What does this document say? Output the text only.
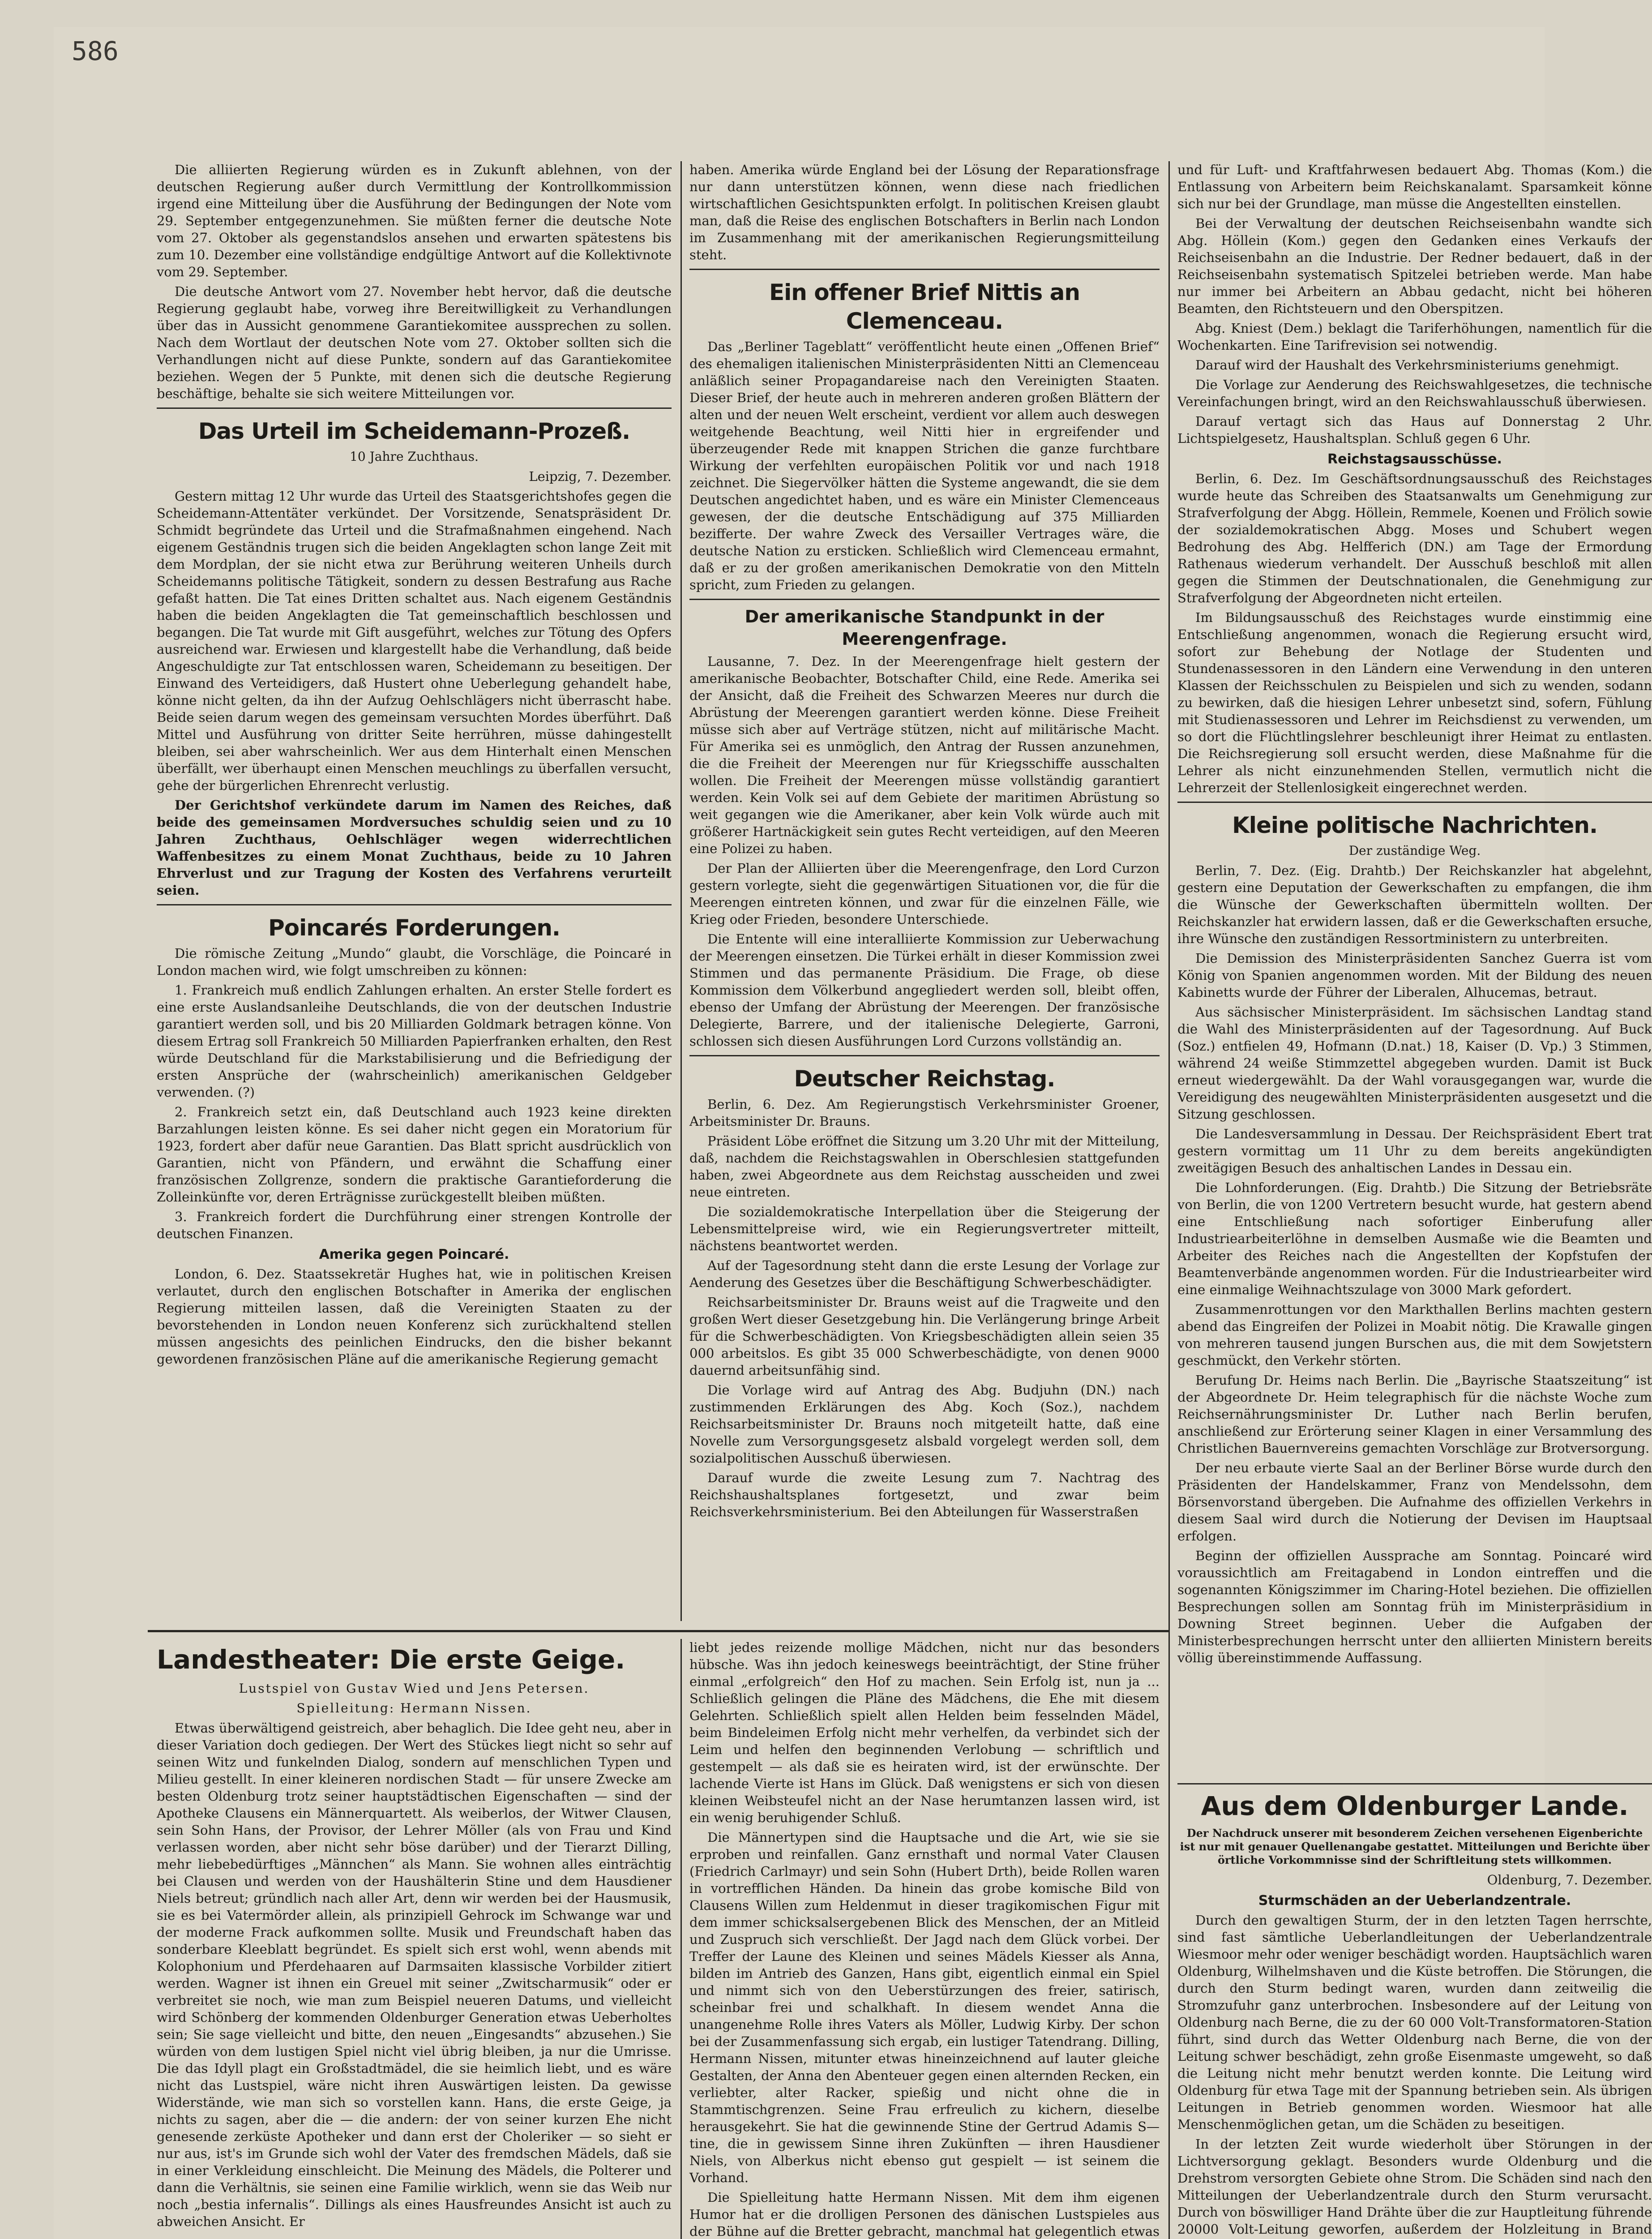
586

Die alliierten Regierung würden es in Zukunft ablehnen, von der deutschen Regierung außer durch Vermittlung der Kontrollkommission irgend eine Mitteilung über die Ausführung der Bedingungen der Note vom 29. September entgegenzunehmen. Sie müßten ferner die deutsche Note vom 27. Oktober als gegenstandslos ansehen und erwarten spätestens bis zum 10. Dezember eine vollständige endgültige Antwort auf die Kollektivnote vom 29. September.

Die deutsche Antwort vom 27. November hebt hervor, daß die deutsche Regierung geglaubt habe, vorweg ihre Bereitwilligkeit zu Verhandlungen über das in Aussicht genommene Garantiekomitee aussprechen zu sollen. Nach dem Wortlaut der deutschen Note vom 27. Oktober sollten sich die Verhandlungen nicht auf diese Punkte, sondern auf das Garantiekomitee beziehen. Wegen der 5 Punkte, mit denen sich die deutsche Regierung beschäftige, behalte sie sich weitere Mitteilungen vor.

Das Urteil im Scheidemann-Prozeß.
10 Jahre Zuchthaus.

Leipzig, 7. Dezember.

Gestern mittag 12 Uhr wurde das Urteil des Staatsgerichtshofes gegen die Scheidemann-Attentäter verkündet. Der Vorsitzende, Senatspräsident Dr. Schmidt begründete das Urteil und die Strafmaßnahmen eingehend. Nach eigenem Geständnis trugen sich die beiden Angeklagten schon lange Zeit mit dem Mordplan, der sie nicht etwa zur Berührung weiteren Unheils durch Scheidemanns politische Tätigkeit, sondern zu dessen Bestrafung aus Rache gefaßt hatten. Die Tat eines Dritten schaltet aus. Nach eigenem Geständnis haben die beiden Angeklagten die Tat gemeinschaftlich beschlossen und begangen. Die Tat wurde mit Gift ausgeführt, welches zur Tötung des Opfers ausreichend war. Erwiesen und klargestellt habe die Verhandlung, daß beide Angeschuldigte zur Tat entschlossen waren, Scheidemann zu beseitigen. Der Einwand des Verteidigers, daß Hustert ohne Ueberlegung gehandelt habe, könne nicht gelten, da ihn der Aufzug Oehlschlägers nicht überrascht habe. Beide seien darum wegen des gemeinsam versuchten Mordes überführt. Daß Mittel und Ausführung von dritter Seite herrühren, müsse dahingestellt bleiben, sei aber wahrscheinlich. Wer aus dem Hinterhalt einen Menschen überfällt, wer überhaupt einen Menschen meuchlings zu überfallen versucht, gehe der bürgerlichen Ehrenrecht verlustig.

Der Gerichtshof verkündete darum im Namen des Reiches, daß beide des gemeinsamen Mordversuches schuldig seien und zu 10 Jahren Zuchthaus, Oehlschläger wegen widerrechtlichen Waffenbesitzes zu einem Monat Zuchthaus, beide zu 10 Jahren Ehrverlust und zur Tragung der Kosten des Verfahrens verurteilt seien.

Poincarés Forderungen.

Die römische Zeitung „Mundo“ glaubt, die Vorschläge, die Poincaré in London machen wird, wie folgt umschreiben zu können:

1. Frankreich muß endlich Zahlungen erhalten. An erster Stelle fordert es eine erste Auslandsanleihe Deutschlands, die von der deutschen Industrie garantiert werden soll, und bis 20 Milliarden Goldmark betragen könne. Von diesem Ertrag soll Frankreich 50 Milliarden Papierfranken erhalten, den Rest würde Deutschland für die Markstabilisierung und die Befriedigung der ersten Ansprüche der (wahrscheinlich) amerikanischen Geldgeber verwenden. (?)

2. Frankreich setzt ein, daß Deutschland auch 1923 keine direkten Barzahlungen leisten könne. Es sei daher nicht gegen ein Moratorium für 1923, fordert aber dafür neue Garantien. Das Blatt spricht ausdrücklich von Garantien, nicht von Pfändern, und erwähnt die Schaffung einer französischen Zollgrenze, sondern die praktische Garantieforderung die Zolleinkünfte vor, deren Erträgnisse zurückgestellt bleiben müßten.

3. Frankreich fordert die Durchführung einer strengen Kontrolle der deutschen Finanzen.

Amerika gegen Poincaré.

London, 6. Dez. Staatssekretär Hughes hat, wie in politischen Kreisen verlautet, durch den englischen Botschafter in Amerika der englischen Regierung mitteilen lassen, daß die Vereinigten Staaten zu der bevorstehenden in London neuen Konferenz sich zurückhaltend stellen müssen angesichts des peinlichen Eindrucks, den die bisher bekannt gewordenen französischen Pläne auf die amerikanische Regierung gemacht

haben. Amerika würde England bei der Lösung der Reparationsfrage nur dann unterstützen können, wenn diese nach friedlichen wirtschaftlichen Gesichtspunkten erfolgt. In politischen Kreisen glaubt man, daß die Reise des englischen Botschafters in Berlin nach London im Zusammenhang mit der amerikanischen Regierungsmitteilung steht.

Ein offener Brief Nittis an Clemenceau.

Das „Berliner Tageblatt“ veröffentlicht heute einen „Offenen Brief“ des ehemaligen italienischen Ministerpräsidenten Nitti an Clemenceau anläßlich seiner Propagandareise nach den Vereinigten Staaten. Dieser Brief, der heute auch in mehreren anderen großen Blättern der alten und der neuen Welt erscheint, verdient vor allem auch deswegen weitgehende Beachtung, weil Nitti hier in ergreifender und überzeugender Rede mit knappen Strichen die ganze furchtbare Wirkung der verfehlten europäischen Politik vor und nach 1918 zeichnet. Die Siegervölker hätten die Systeme angewandt, die sie dem Deutschen angedichtet haben, und es wäre ein Minister Clemenceaus gewesen, der die deutsche Entschädigung auf 375 Milliarden bezifferte. Der wahre Zweck des Versailler Vertrages wäre, die deutsche Nation zu ersticken. Schließlich wird Clemenceau ermahnt, daß er zu der großen amerikanischen Demokratie von den Mitteln spricht, zum Frieden zu gelangen.

Der amerikanische Standpunkt in der Meerengenfrage.

Lausanne, 7. Dez. In der Meerengenfrage hielt gestern der amerikanische Beobachter, Botschafter Child, eine Rede. Amerika sei der Ansicht, daß die Freiheit des Schwarzen Meeres nur durch die Abrüstung der Meerengen garantiert werden könne. Diese Freiheit müsse sich aber auf Verträge stützen, nicht auf militärische Macht. Für Amerika sei es unmöglich, den Antrag der Russen anzunehmen, die die Freiheit der Meerengen nur für Kriegsschiffe ausschalten wollen. Die Freiheit der Meerengen müsse vollständig garantiert werden. Kein Volk sei auf dem Gebiete der maritimen Abrüstung so weit gegangen wie die Amerikaner, aber kein Volk würde auch mit größerer Hartnäckigkeit sein gutes Recht verteidigen, auf den Meeren eine Polizei zu haben.

Der Plan der Alliierten über die Meerengenfrage, den Lord Curzon gestern vorlegte, sieht die gegenwärtigen Situationen vor, die für die Meerengen eintreten können, und zwar für die einzelnen Fälle, wie Krieg oder Frieden, besondere Unterschiede.

Die Entente will eine interalliierte Kommission zur Ueberwachung der Meerengen einsetzen. Die Türkei erhält in dieser Kommission zwei Stimmen und das permanente Präsidium. Die Frage, ob diese Kommission dem Völkerbund angegliedert werden soll, bleibt offen, ebenso der Umfang der Abrüstung der Meerengen. Der französische Delegierte, Barrere, und der italienische Delegierte, Garroni, schlossen sich diesen Ausführungen Lord Curzons vollständig an.

Deutscher Reichstag.

Berlin, 6. Dez. Am Regierungstisch Verkehrsminister Groener, Arbeitsminister Dr. Brauns.

Präsident Löbe eröffnet die Sitzung um 3.20 Uhr mit der Mitteilung, daß, nachdem die Reichstagswahlen in Oberschlesien stattgefunden haben, zwei Abgeordnete aus dem Reichstag ausscheiden und zwei neue eintreten.

Die sozialdemokratische Interpellation über die Steigerung der Lebensmittelpreise wird, wie ein Regierungsvertreter mitteilt, nächstens beantwortet werden.

Auf der Tagesordnung steht dann die erste Lesung der Vorlage zur Aenderung des Gesetzes über die Beschäftigung Schwerbeschädigter.

Reichsarbeitsminister Dr. Brauns weist auf die Tragweite und den großen Wert dieser Gesetzgebung hin. Die Verlängerung bringe Arbeit für die Schwerbeschädigten. Von Kriegsbeschädigten allein seien 35 000 arbeitslos. Es gibt 35 000 Schwerbeschädigte, von denen 9000 dauernd arbeitsunfähig sind.

Die Vorlage wird auf Antrag des Abg. Budjuhn (DN.) nach zustimmenden Erklärungen des Abg. Koch (Soz.), nachdem Reichsarbeitsminister Dr. Brauns noch mitgeteilt hatte, daß eine Novelle zum Versorgungsgesetz alsbald vorgelegt werden soll, dem sozialpolitischen Ausschuß überwiesen.

Darauf wurde die zweite Lesung zum 7. Nachtrag des Reichshaushaltsplanes fortgesetzt, und zwar beim Reichsverkehrsministerium. Bei den Abteilungen für Wasserstraßen

und für Luft- und Kraftfahrwesen bedauert Abg. Thomas (Kom.) die Entlassung von Arbeitern beim Reichskanalamt. Sparsamkeit könne sich nur bei der Grundlage, man müsse die Angestellten einstellen.

Bei der Verwaltung der deutschen Reichseisenbahn wandte sich Abg. Höllein (Kom.) gegen den Gedanken eines Verkaufs der Reichseisenbahn an die Industrie. Der Redner bedauert, daß in der Reichseisenbahn systematisch Spitzelei betrieben werde. Man habe nur immer bei Arbeitern an Abbau gedacht, nicht bei höheren Beamten, den Richtsteuern und den Oberspitzen.

Abg. Kniest (Dem.) beklagt die Tariferhöhungen, namentlich für die Wochenkarten. Eine Tarifrevision sei notwendig.

Darauf wird der Haushalt des Verkehrsministeriums genehmigt.

Die Vorlage zur Aenderung des Reichswahlgesetzes, die technische Vereinfachungen bringt, wird an den Reichswahlausschuß überwiesen.

Darauf vertagt sich das Haus auf Donnerstag 2 Uhr. Lichtspielgesetz, Haushaltsplan. Schluß gegen 6 Uhr.

Reichstagsausschüsse.

Berlin, 6. Dez. Im Geschäftsordnungsausschuß des Reichstages wurde heute das Schreiben des Staatsanwalts um Genehmigung zur Strafverfolgung der Abgg. Höllein, Remmele, Koenen und Frölich sowie der sozialdemokratischen Abgg. Moses und Schubert wegen Bedrohung des Abg. Helfferich (DN.) am Tage der Ermordung Rathenaus wiederum verhandelt. Der Ausschuß beschloß mit allen gegen die Stimmen der Deutschnationalen, die Genehmigung zur Strafverfolgung der Abgeordneten nicht erteilen.

Im Bildungsausschuß des Reichstages wurde einstimmig eine Entschließung angenommen, wonach die Regierung ersucht wird, sofort zur Behebung der Notlage der Studenten und Stundenassessoren in den Ländern eine Verwendung in den unteren Klassen der Reichsschulen zu Beispielen und sich zu wenden, sodann zu bewirken, daß die hiesigen Lehrer unbesetzt sind, sofern, Fühlung mit Studienassessoren und Lehrer im Reichsdienst zu verwenden, um so dort die Flüchtlingslehrer beschleunigt ihrer Heimat zu entlasten. Die Reichsregierung soll ersucht werden, diese Maßnahme für die Lehrer als nicht einzunehmenden Stellen, vermutlich nicht die Lehrerzeit der Stellenlosigkeit eingerechnet werden.

Kleine politische Nachrichten.
Der zuständige Weg.

Berlin, 7. Dez. (Eig. Drahtb.) Der Reichskanzler hat abgelehnt, gestern eine Deputation der Gewerkschaften zu empfangen, die ihm die Wünsche der Gewerkschaften übermitteln wollten. Der Reichskanzler hat erwidern lassen, daß er die Gewerkschaften ersuche, ihre Wünsche den zuständigen Ressortministern zu unterbreiten.

Die Demission des Ministerpräsidenten Sanchez Guerra ist vom König von Spanien angenommen worden. Mit der Bildung des neuen Kabinetts wurde der Führer der Liberalen, Alhucemas, betraut.

Aus sächsischer Ministerpräsident. Im sächsischen Landtag stand die Wahl des Ministerpräsidenten auf der Tagesordnung. Auf Buck (Soz.) entfielen 49, Hofmann (D.nat.) 18, Kaiser (D. Vp.) 3 Stimmen, während 24 weiße Stimmzettel abgegeben wurden. Damit ist Buck erneut wiedergewählt. Da der Wahl vorausgegangen war, wurde die Vereidigung des neugewählten Ministerpräsidenten ausgesetzt und die Sitzung geschlossen.

Die Landesversammlung in Dessau. Der Reichspräsident Ebert trat gestern vormittag um 11 Uhr zu dem bereits angekündigten zweitägigen Besuch des anhaltischen Landes in Dessau ein.

Die Lohnforderungen. (Eig. Drahtb.) Die Sitzung der Betriebsräte von Berlin, die von 1200 Vertretern besucht wurde, hat gestern abend eine Entschließung nach sofortiger Einberufung aller Industriearbeiterlöhne in demselben Ausmaße wie die Beamten und Arbeiter des Reiches nach die Angestellten der Kopfstufen der Beamtenverbände angenommen worden. Für die Industriearbeiter wird eine einmalige Weihnachtszulage von 3000 Mark gefordert.

Zusammenrottungen vor den Markthallen Berlins machten gestern abend das Eingreifen der Polizei in Moabit nötig. Die Krawalle gingen von mehreren tausend jungen Burschen aus, die mit dem Sowjetstern geschmückt, den Verkehr störten.

Berufung Dr. Heims nach Berlin. Die „Bayrische Staatszeitung“ ist der Abgeordnete Dr. Heim telegraphisch für die nächste Woche zum Reichsernährungsminister Dr. Luther nach Berlin berufen, anschließend zur Erörterung seiner Klagen in einer Versammlung des Christlichen Bauernvereins gemachten Vorschläge zur Brotversorgung.

Der neu erbaute vierte Saal an der Berliner Börse wurde durch den Präsidenten der Handelskammer, Franz von Mendelssohn, dem Börsenvorstand übergeben. Die Aufnahme des offiziellen Verkehrs in diesem Saal wird durch die Notierung der Devisen im Hauptsaal erfolgen.

Beginn der offiziellen Aussprache am Sonntag. Poincaré wird voraussichtlich am Freitagabend in London eintreffen und die sogenannten Königszimmer im Charing-Hotel beziehen. Die offiziellen Besprechungen sollen am Sonntag früh im Ministerpräsidium in Downing Street beginnen. Ueber die Aufgaben der Ministerbesprechungen herrscht unter den alliierten Ministern bereits völlig übereinstimmende Auffassung.

Landestheater: Die erste Geige.
Lustspiel von Gustav Wied und Jens Petersen.
Spielleitung: Hermann Nissen.

Etwas überwältigend geistreich, aber behaglich. Die Idee geht neu, aber in dieser Variation doch gediegen. Der Wert des Stückes liegt nicht so sehr auf seinen Witz und funkelnden Dialog, sondern auf menschlichen Typen und Milieu gestellt. In einer kleineren nordischen Stadt — für unsere Zwecke am besten Oldenburg trotz seiner hauptstädtischen Eigenschaften — sind der Apotheke Clausens ein Männerquartett. Als weiberlos, der Witwer Clausen, sein Sohn Hans, der Provisor, der Lehrer Möller (als von Frau und Kind verlassen worden, aber nicht sehr böse darüber) und der Tierarzt Dilling, mehr liebebedürftiges „Männchen“ als Mann. Sie wohnen alles einträchtig bei Clausen und werden von der Haushälterin Stine und dem Hausdiener Niels betreut; gründlich nach aller Art, denn wir werden bei der Hausmusik, sie es bei Vatermörder allein, als prinzipiell Gehrock im Schwange war und der moderne Frack aufkommen sollte. Musik und Freundschaft haben das sonderbare Kleeblatt begründet. Es spielt sich erst wohl, wenn abends mit Kolophonium und Pferdehaaren auf Darmsaiten klassische Vorbilder zitiert werden. Wagner ist ihnen ein Greuel mit seiner „Zwitscharmusik“ oder er verbreitet sie noch, wie man zum Beispiel neueren Datums, und vielleicht wird Schönberg der kommenden Oldenburger Generation etwas Ueberholtes sein; Sie sage vielleicht und bitte, den neuen „Eingesandts“ abzusehen.) Sie würden von dem lustigen Spiel nicht viel übrig bleiben, ja nur die Umrisse. Die das Idyll plagt ein Großstadtmädel, die sie heimlich liebt, und es wäre nicht das Lustspiel, wäre nicht ihren Auswärtigen leisten. Da gewisse Widerstände, wie man sich so vorstellen kann. Hans, die erste Geige, ja nichts zu sagen, aber die — die andern: der von seiner kurzen Ehe nicht genesende zerküste Apotheker und dann erst der Choleriker — so sieht er nur aus, ist's im Grunde sich wohl der Vater des fremdschen Mädels, daß sie in einer Verkleidung einschleicht. Die Meinung des Mädels, die Polterer und dann die Verhältnis, sie seinen eine Familie wirklich, wenn sie das Weib nur noch „bestia infernalis“. Dillings als eines Hausfreundes Ansicht ist auch zu abweichen Ansicht. Er

liebt jedes reizende mollige Mädchen, nicht nur das besonders hübsche. Was ihn jedoch keineswegs beeinträchtigt, der Stine früher einmal „erfolgreich“ den Hof zu machen. Sein Erfolg ist, nun ja ... Schließlich gelingen die Pläne des Mädchens, die Ehe mit diesem Gelehrten. Schließlich spielt allen Helden beim fesselnden Mädel, beim Bindeleimen Erfolg nicht mehr verhelfen, da verbindet sich der Leim und helfen den beginnenden Verlobung — schriftlich und gestempelt — als daß sie es heiraten wird, ist der erwünschte. Der lachende Vierte ist Hans im Glück. Daß wenigstens er sich von diesen kleinen Weibsteufel nicht an der Nase herumtanzen lassen wird, ist ein wenig beruhigender Schluß.

Die Männertypen sind die Hauptsache und die Art, wie sie sie erproben und reinfallen. Ganz ernsthaft und normal Vater Clausen (Friedrich Carlmayr) und sein Sohn (Hubert Drth), beide Rollen waren in vortrefflichen Händen. Da hinein das grobe komische Bild von Clausens Willen zum Heldenmut in dieser tragikomischen Figur mit dem immer schicksalsergebenen Blick des Menschen, der an Mitleid und Zuspruch sich verschließt. Der Jagd nach dem Glück vorbei. Der Treffer der Laune des Kleinen und seines Mädels Kiesser als Anna, bilden im Antrieb des Ganzen, Hans gibt, eigentlich einmal ein Spiel und nimmt sich von den Ueberstürzungen des freier, satirisch, scheinbar frei und schalkhaft. In diesem wendet Anna die unangenehme Rolle ihres Vaters als Möller, Ludwig Kirby. Der schon bei der Zusammenfassung sich ergab, ein lustiger Tatendrang. Dilling, Hermann Nissen, mitunter etwas hineinzeichnend auf lauter gleiche Gestalten, der Anna den Abenteuer gegen einen alternden Recken, ein verliebter, alter Racker, spießig und nicht ohne die in Stammtischgrenzen. Seine Frau erfreulich zu kichern, dieselbe herausgekehrt. Sie hat die gewinnende Stine der Gertrud Adamis S—tine, die in gewissem Sinne ihren Zukünften — ihren Hausdiener Niels, von Alberkus nicht ebenso gut gespielt — ist seinem die Vorhand.

Die Spielleitung hatte Hermann Nissen. Mit dem ihm eigenen Humor hat er die drolligen Personen des dänischen Lustspieles aus der Bühne auf die Bretter gebracht, manchmal hat gelegentlich etwas

Aus dem Oldenburger Lande.
Der Nachdruck unserer mit besonderem Zeichen versehenen Eigenberichte ist nur mit genauer Quellenangabe gestattet. Mitteilungen und Berichte über örtliche Vorkommnisse sind der Schriftleitung stets willkommen.

Oldenburg, 7. Dezember.

Sturmschäden an der Ueberlandzentrale.

Durch den gewaltigen Sturm, der in den letzten Tagen herrschte, sind fast sämtliche Ueberlandleitungen der Ueberlandzentrale Wiesmoor mehr oder weniger beschädigt worden. Hauptsächlich waren Oldenburg, Wilhelmshaven und die Küste betroffen. Die Störungen, die durch den Sturm bedingt waren, wurden dann zeitweilig die Stromzufuhr ganz unterbrochen. Insbesondere auf der Leitung von Oldenburg nach Berne, die zu der 60 000 Volt-Transformatoren-Station führt, sind durch das Wetter Oldenburg nach Berne, die von der Leitung schwer beschädigt, zehn große Eisenmaste umgeweht, so daß die Leitung nicht mehr benutzt werden konnte. Die Leitung wird Oldenburg für etwa Tage mit der Spannung betrieben sein. Als übrigen Leitungen in Betrieb genommen worden. Wiesmoor hat alle Menschenmöglichen getan, um die Schäden zu beseitigen.

In der letzten Zeit wurde wiederholt über Störungen in der Lichtversorgung geklagt. Besonders wurde Oldenburg und die Drehstrom versorgten Gebiete ohne Strom. Die Schäden sind nach den Mitteilungen der Ueberlandzentrale durch den Sturm verursacht. Durch von böswilliger Hand Drähte über die zur Hauptleitung führende 20000 Volt-Leitung geworfen, außerdem der Holzleitung in Brand
